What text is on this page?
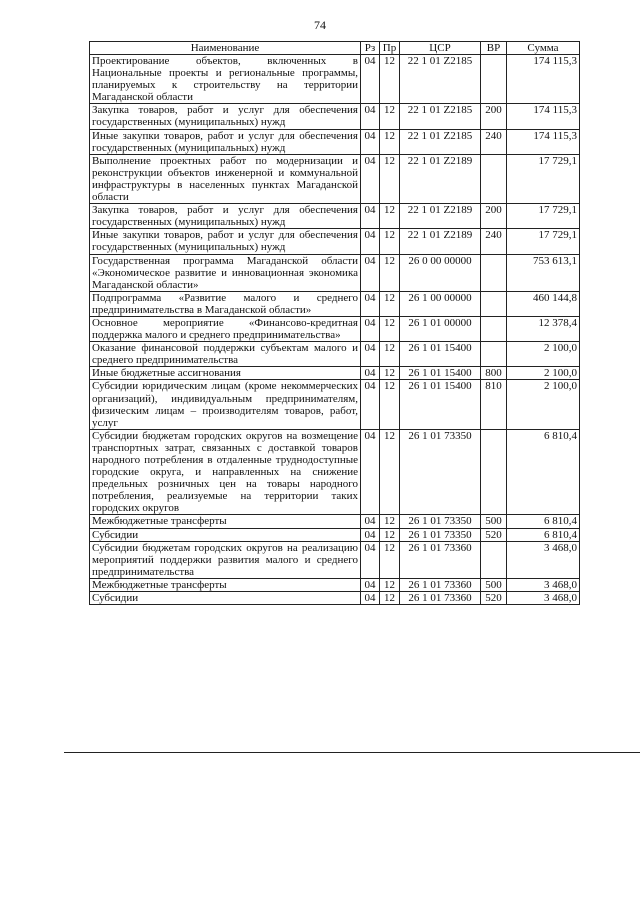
74
Наименование	Рз	Пр	ЦСР	ВР	Сумма
Проектирование объектов, включенных в Национальные проекты и региональные программы, планируемых к строительству на территории Магаданской области	04	12	22 1 01 Z2185		174 115,3
Закупка товаров, работ и услуг для обеспечения государственных (муниципальных) нужд	04	12	22 1 01 Z2185	200	174 115,3
Иные закупки товаров, работ и услуг для обеспечения государственных (муниципальных) нужд	04	12	22 1 01 Z2185	240	174 115,3
Выполнение проектных работ по модернизации и реконструкции объектов инженерной и коммунальной инфраструктуры в населенных пунктах Магаданской области	04	12	22 1 01 Z2189		17 729,1
Закупка товаров, работ и услуг для обеспечения государственных (муниципальных) нужд	04	12	22 1 01 Z2189	200	17 729,1
Иные закупки товаров, работ и услуг для обеспечения государственных (муниципальных) нужд	04	12	22 1 01 Z2189	240	17 729,1
Государственная программа Магаданской области «Экономическое развитие и инновационная экономика Магаданской области»	04	12	26 0 00 00000		753 613,1
Подпрограмма «Развитие малого и среднего предпринимательства в Магаданской области»	04	12	26 1 00 00000		460 144,8
Основное мероприятие «Финансово-кредитная поддержка малого и среднего предпринимательства»	04	12	26 1 01 00000		12 378,4
Оказание финансовой поддержки субъектам малого и среднего предпринимательства	04	12	26 1 01 15400		2 100,0
Иные бюджетные ассигнования	04	12	26 1 01 15400	800	2 100,0
Субсидии юридическим лицам (кроме некоммерческих организаций), индивидуальным предпринимателям, физическим лицам – производителям товаров, работ, услуг	04	12	26 1 01 15400	810	2 100,0
Субсидии бюджетам городских округов на возмещение транспортных затрат, связанных с доставкой товаров народного потребления в отдаленные труднодоступные городские округа, и направленных на снижение предельных розничных цен на товары народного потребления, реализуемые на территории таких городских округов	04	12	26 1 01 73350		6 810,4
Межбюджетные трансферты	04	12	26 1 01 73350	500	6 810,4
Субсидии	04	12	26 1 01 73350	520	6 810,4
Субсидии бюджетам городских округов на реализацию мероприятий поддержки развития малого и среднего предпринимательства	04	12	26 1 01 73360		3 468,0
Межбюджетные трансферты	04	12	26 1 01 73360	500	3 468,0
Субсидии	04	12	26 1 01 73360	520	3 468,0
